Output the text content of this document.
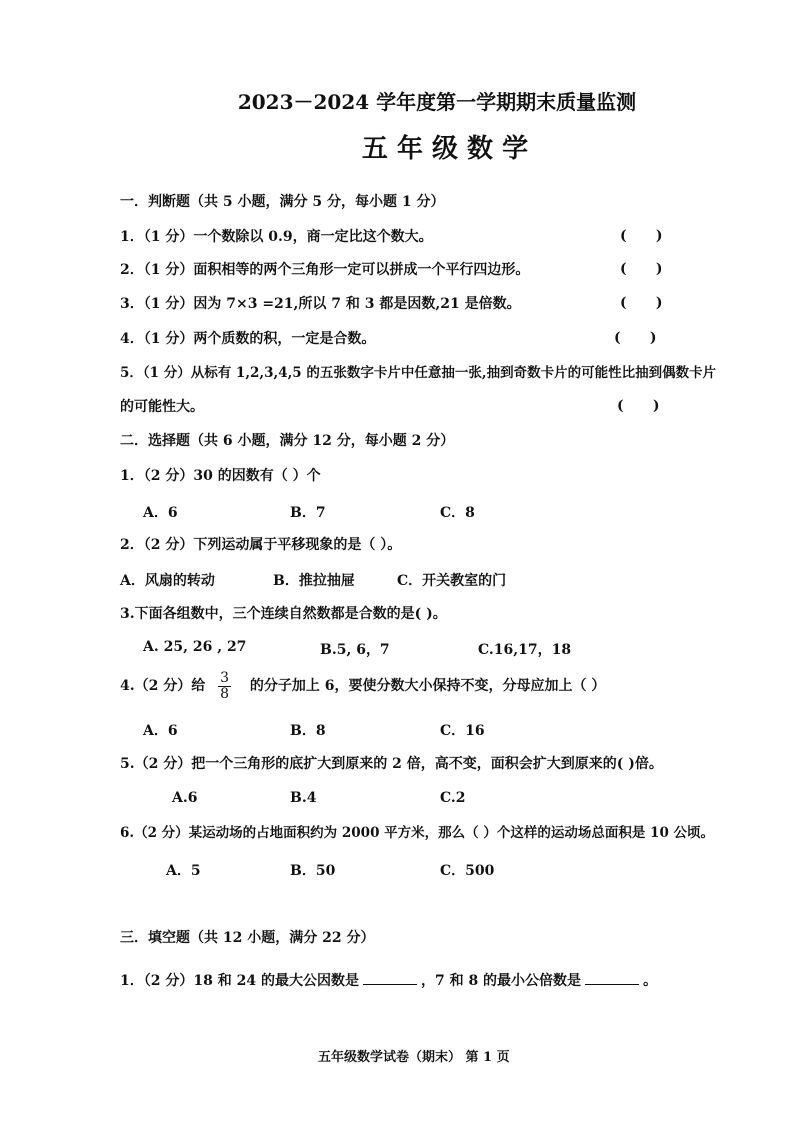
2023－2024 学年度第一学期期末质量监测
五 年 级 数 学
一．判断题（共 5 小题，满分 5 分，每小题 1 分）
1．（1 分）一个数除以 0.9，商一定比这个数大。	(      )
2．（1 分）面积相等的两个三角形一定可以拼成一个平行四边形。	(      )
3．（1 分）因为 7×3 =21,所以 7 和 3 都是因数,21 是倍数。	(      )
4．（1 分）两个质数的积，一定是合数。	(      )
5．（1 分）从标有 1,2,3,4,5 的五张数字卡片中任意抽一张,抽到奇数卡片的可能性比抽到偶数卡片
的可能性大。	(      )
二．选择题（共 6 小题，满分 12 分，每小题 2 分）
1．（2 分）30 的因数有（ ）个
A．6	B．7	C．8
2．（2 分）下列运动属于平移现象的是（ ）。
A．风扇的转动	B．推拉抽屉	C．开关教室的门
3.下面各组数中，三个连续自然数都是合数的是( )。
A. 25, 26 , 27	B.5, 6，7	C.16,17，18
4.（2 分）给 $\frac{3}{8}$ 的分子加上 6，要使分数大小保持不变，分母应加上（ ）
A．6	B．8	C．16
5.（2 分）把一个三角形的底扩大到原来的 2 倍，高不变，面积会扩大到原来的( )倍。
A.6	B.4	C.2
6.（2 分）某运动场的占地面积约为 2000 平方米，那么（ ）个这样的运动场总面积是 10 公顷。
A．5	B．50	C．500
三．填空题（共 12 小题，满分 22 分）
1．（2 分）18 和 24 的最大公因数是	，7 和 8 的最小公倍数是	。
五年级数学试卷（期末） 第 1 页
